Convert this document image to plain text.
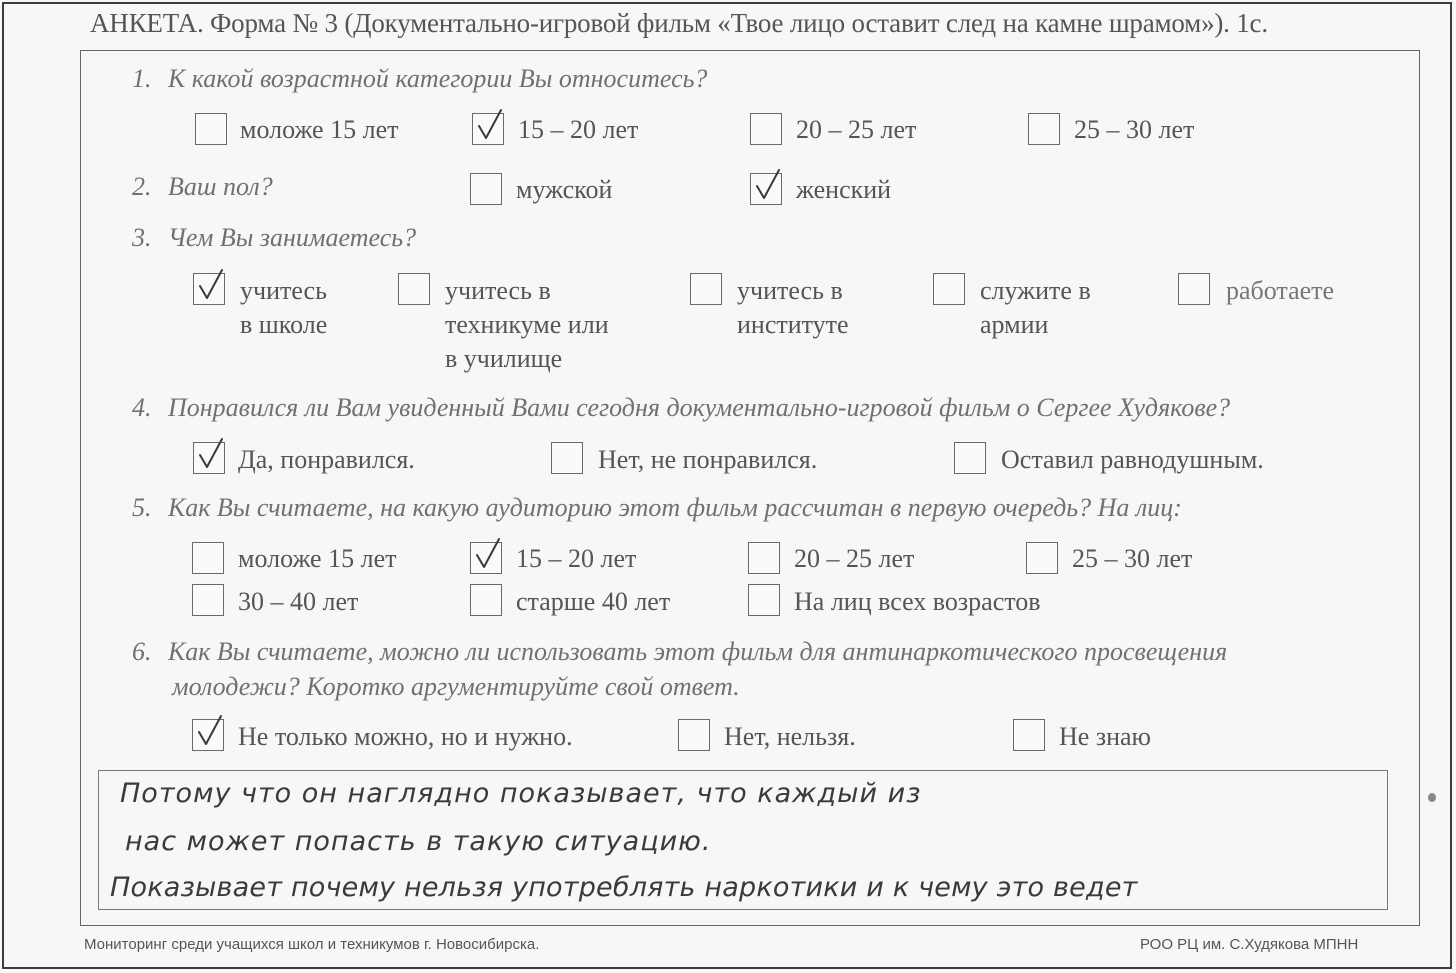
АНКЕТА. Форма № 3 (Документально-игровой фильм «Твое лицо оставит след на камне шрамом»). 1с.
1. К какой возрастной категории Вы относитесь?
моложе 15 лет	15 – 20 лет	20 – 25 лет	25 – 30 лет
2. Ваш пол?	мужской	женский
3. Чем Вы занимаетесь?
учитесь
в школе
учитесь в
техникуме или
в училище
учитесь в
институте
служите в
армии
работаете
4. Понравился ли Вам увиденный Вами сегодня документально-игровой фильм о Сергее Худякове?
Да, понравился.	Нет, не понравился.	Оставил равнодушным.
5. Как Вы считаете, на какую аудиторию этот фильм рассчитан в первую очередь? На лиц:
моложе 15 лет	15 – 20 лет	20 – 25 лет	25 – 30 лет
30 – 40 лет	старше 40 лет	На лиц всех возрастов
6. Как Вы считаете, можно ли использовать этот фильм для антинаркотического просвещения
молодежи? Коротко аргументируйте свой ответ.
Не только можно, но и нужно.	Нет, нельзя.	Не знаю
Потому что он наглядно показывает, что каждый из
нас может попасть в такую ситуацию.
Показывает почему нельзя употреблять наркотики и к чему это ведет
Мониторинг среди учащихся школ и техникумов г. Новосибирска.	РОО РЦ им. С.Худякова МПНН
